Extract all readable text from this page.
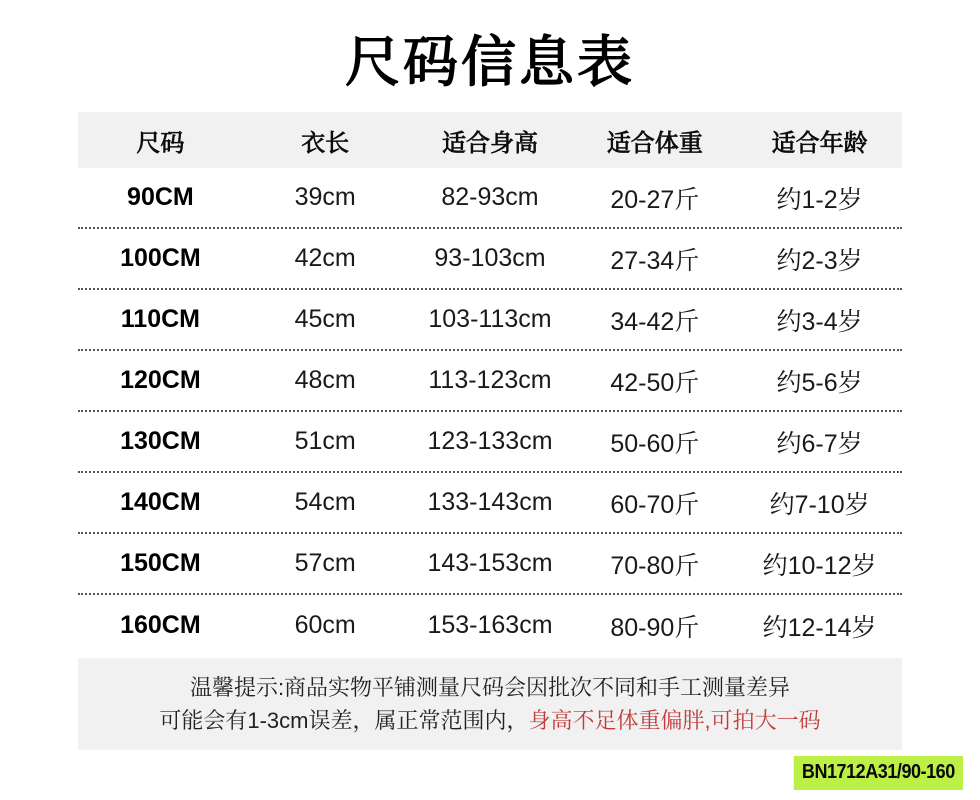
尺码信息表
尺码	衣长	适合身高	适合体重	适合年龄
90CM	39cm	82-93cm	20-27斤	约1-2岁
100CM	42cm	93-103cm	27-34斤	约2-3岁
110CM	45cm	103-113cm	34-42斤	约3-4岁
120CM	48cm	113-123cm	42-50斤	约5-6岁
130CM	51cm	123-133cm	50-60斤	约6-7岁
140CM	54cm	133-143cm	60-70斤	约7-10岁
150CM	57cm	143-153cm	70-80斤	约10-12岁
160CM	60cm	153-163cm	80-90斤	约12-14岁
温馨提示:商品实物平铺测量尺码会因批次不同和手工测量差异
可能会有1-3cm误差，属正常范围内，身高不足体重偏胖,可拍大一码
BN1712A31/90-160
